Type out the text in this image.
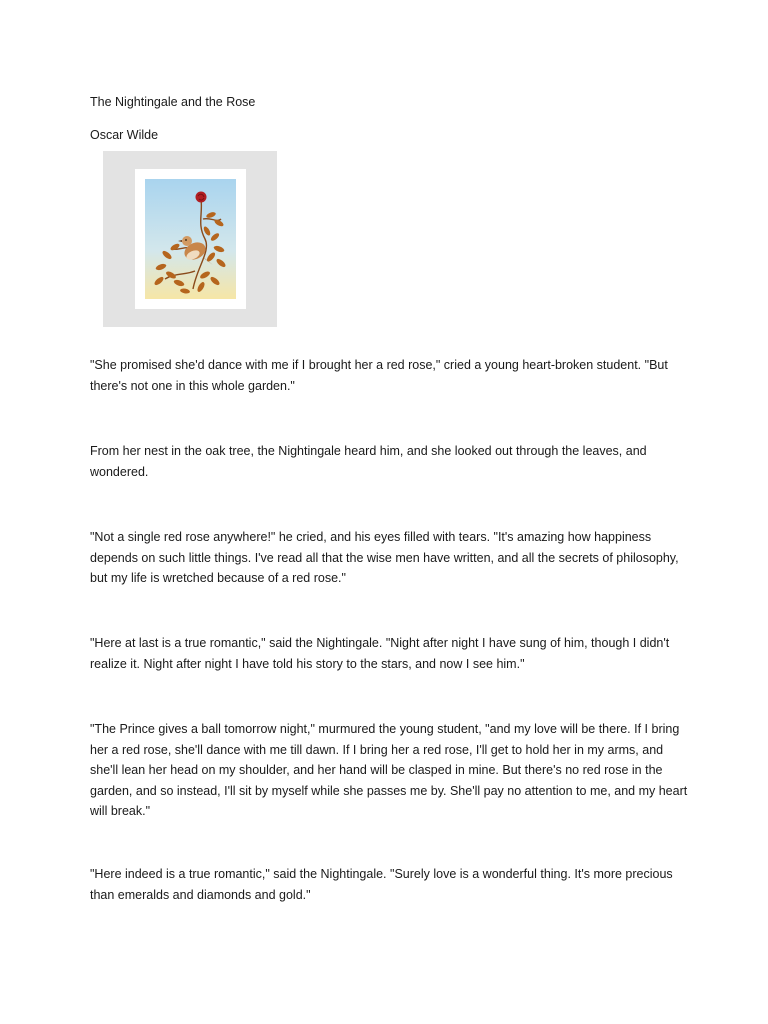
The Nightingale and the Rose
Oscar Wilde

"She promised she'd dance with me if I brought her a red rose," cried a young heart-broken student. "But there's not one in this whole garden."

From her nest in the oak tree, the Nightingale heard him, and she looked out through the leaves, and wondered.

"Not a single red rose anywhere!" he cried, and his eyes filled with tears. "It's amazing how happiness depends on such little things. I've read all that the wise men have written, and all the secrets of philosophy, but my life is wretched because of a red rose."

"Here at last is a true romantic," said the Nightingale. "Night after night I have sung of him, though I didn't realize it. Night after night I have told his story to the stars, and now I see him."

"The Prince gives a ball tomorrow night," murmured the young student, "and my love will be there. If I bring her a red rose, she'll dance with me till dawn. If I bring her a red rose, I'll get to hold her in my arms, and she'll lean her head on my shoulder, and her hand will be clasped in mine. But there's no red rose in the garden, and so instead, I'll sit by myself while she passes me by. She'll pay no attention to me, and my heart will break."

"Here indeed is a true romantic," said the Nightingale. "Surely love is a wonderful thing. It's more precious than emeralds and diamonds and gold."
